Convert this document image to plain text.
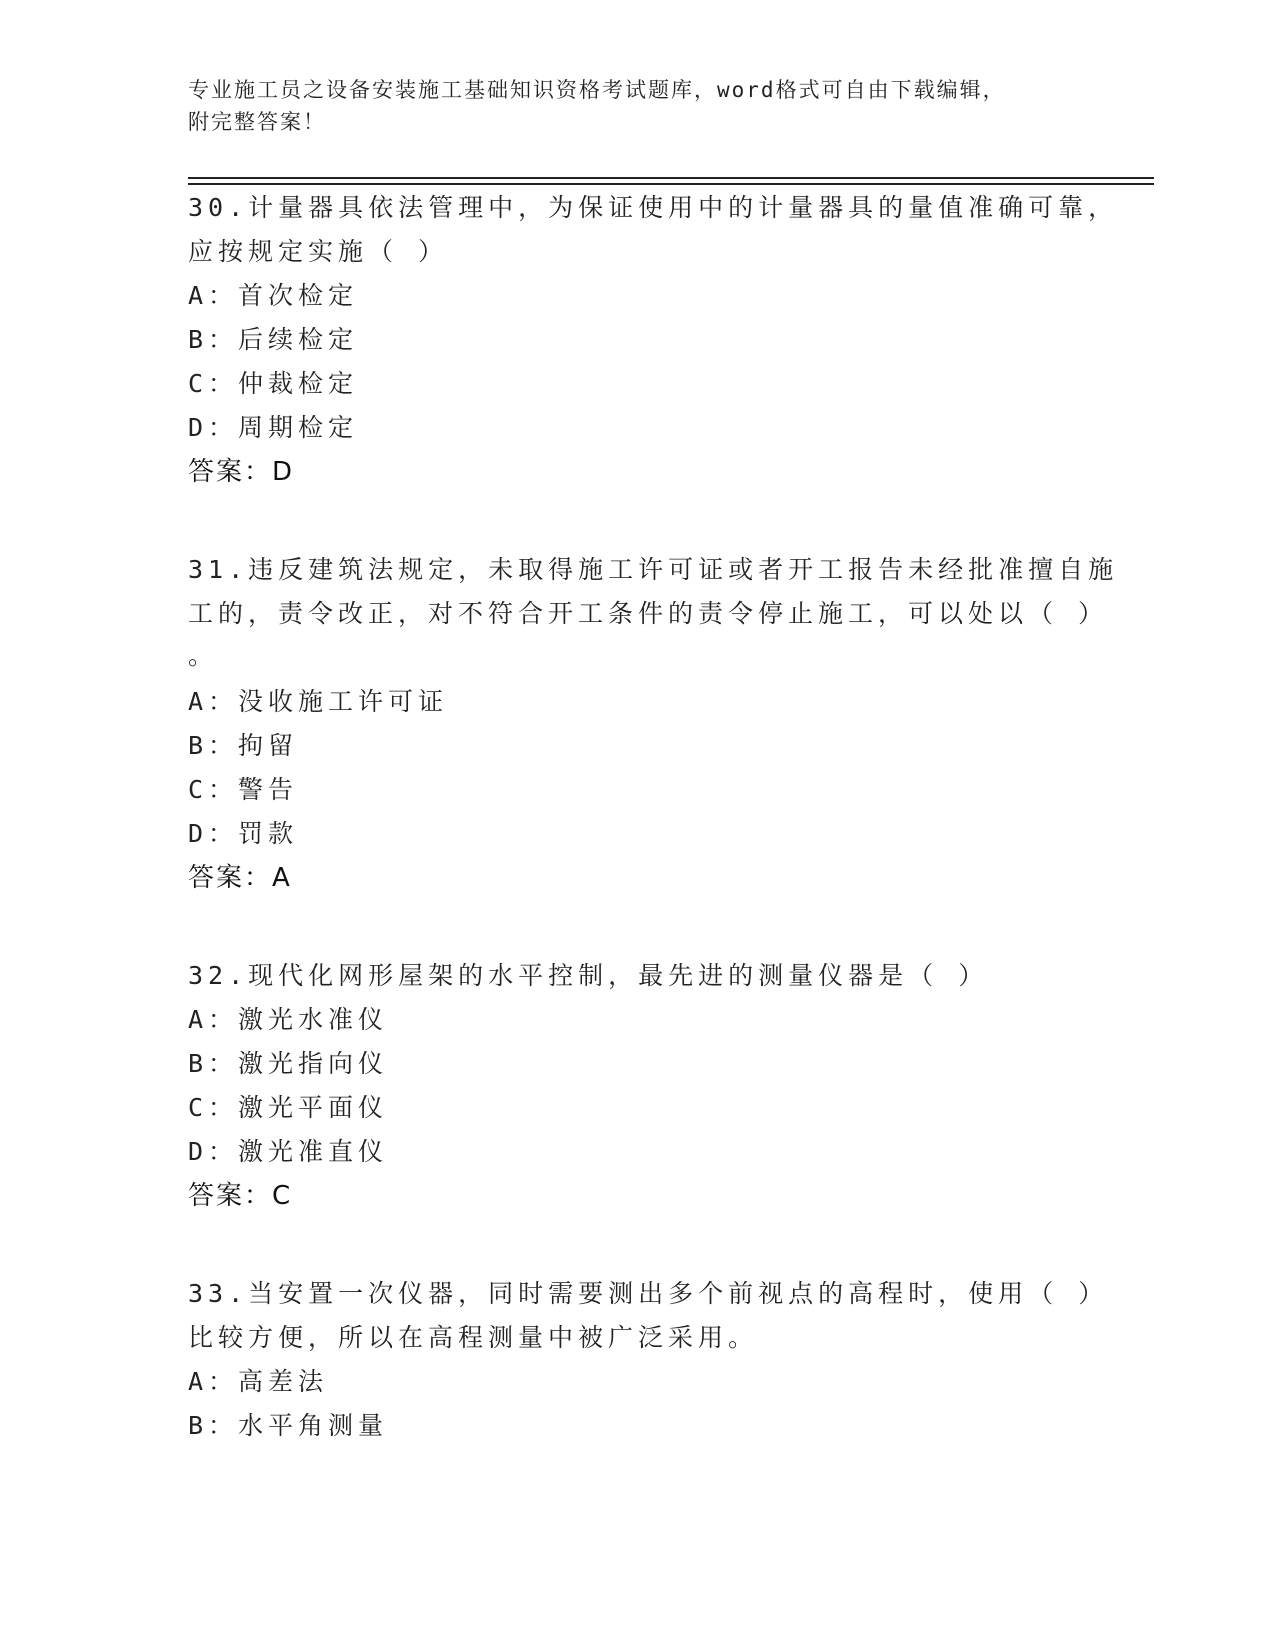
专业施工员之设备安装施工基础知识资格考试题库，word格式可自由下载编辑，
附完整答案！
30.计量器具依法管理中，为保证使用中的计量器具的量值准确可靠，
应按规定实施（ ）
A：首次检定
B：后续检定
C：仲裁检定
D：周期检定
答案：D
31.违反建筑法规定，未取得施工许可证或者开工报告未经批准擅自施
工的，责令改正，对不符合开工条件的责令停止施工，可以处以（ ）
。
A：没收施工许可证
B：拘留
C：警告
D：罚款
答案：A
32.现代化网形屋架的水平控制，最先进的测量仪器是（ ）
A：激光水准仪
B：激光指向仪
C：激光平面仪
D：激光准直仪
答案：C
33.当安置一次仪器，同时需要测出多个前视点的高程时，使用（ ）
比较方便，所以在高程测量中被广泛采用。
A：高差法
B：水平角测量
